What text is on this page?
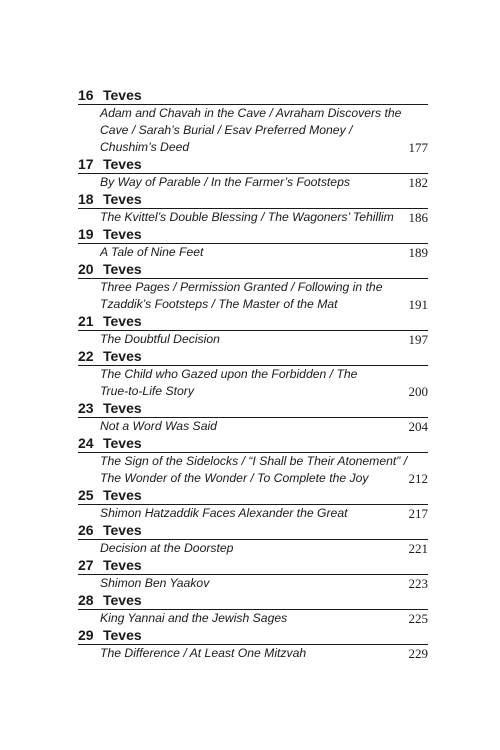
16 Teves
Adam and Chavah in the Cave / Avraham Discovers the
Cave / Sarah’s Burial / Esav Preferred Money /
Chushim’s Deed	177
17 Teves
By Way of Parable / In the Farmer’s Footsteps	182
18 Teves
The Kvittel’s Double Blessing / The Wagoners’ Tehillim	186
19 Teves
A Tale of Nine Feet	189
20 Teves
Three Pages / Permission Granted / Following in the
Tzaddik’s Footsteps / The Master of the Mat	191
21 Teves
The Doubtful Decision	197
22 Teves
The Child who Gazed upon the Forbidden / The
True-to-Life Story	200
23 Teves
Not a Word Was Said	204
24 Teves
The Sign of the Sidelocks / “I Shall be Their Atonement” /
The Wonder of the Wonder / To Complete the Joy	212
25 Teves
Shimon Hatzaddik Faces Alexander the Great	217
26 Teves
Decision at the Doorstep	221
27 Teves
Shimon Ben Yaakov	223
28 Teves
King Yannai and the Jewish Sages	225
29 Teves
The Difference / At Least One Mitzvah	229
